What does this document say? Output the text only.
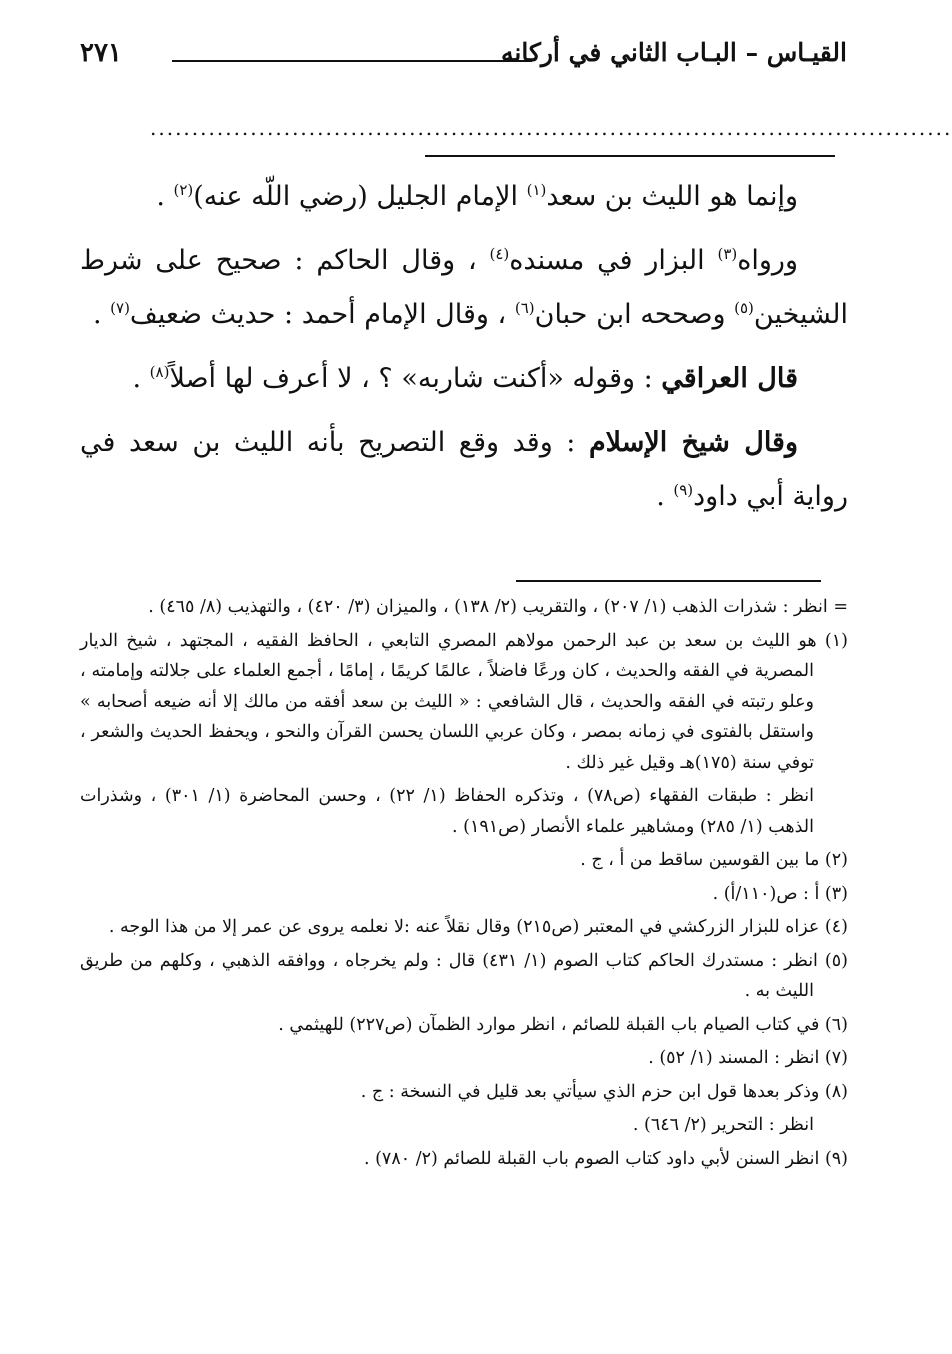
القيـاس – البـاب الثاني في أركانه
٢٧١
................................................................................................

وإنما هو الليث بن سعد$^{(١)}$ الإمام الجليل (رضي اللّه عنه)$^{(٢)}$ .

ورواه$^{(٣)}$ البزار في مسنده$^{(٤)}$ ، وقال الحاكم : صحيح على شرط الشيخين$^{(٥)}$ وصححه ابن حبان$^{(٦)}$ ، وقال الإمام أحمد : حديث ضعيف$^{(٧)}$ .

قال العراقي : وقوله «أكنت شاربه» ؟ ، لا أعرف لها أصلاً$^{(٨)}$ .

وقال شيخ الإسلام : وقد وقع التصريح بأنه الليث بن سعد في رواية أبي داود$^{(٩)}$ .

= انظر : شذرات الذهب (١/ ٢٠٧) ، والتقريب (٢/ ١٣٨) ، والميزان (٣/ ٤٢٠) ، والتهذيب (٨/ ٤٦٥) .

(١) هو الليث بن سعد بن عبد الرحمن مولاهم المصري التابعي ، الحافظ الفقيه ، المجتهد ، شيخ الديار المصرية في الفقه والحديث ، كان ورعًا فاضلاً ، عالمًا كريمًا ، إمامًا ، أجمع العلماء على جلالته وإمامته ، وعلو رتبته في الفقه والحديث ، قال الشافعي : « الليث بن سعد أفقه من مالك إلا أنه ضيعه أصحابه » واستقل بالفتوى في زمانه بمصر ، وكان عربي اللسان يحسن القرآن والنحو ، ويحفظ الحديث والشعر ، توفي سنة (١٧٥)هـ وقيل غير ذلك .

انظر : طبقات الفقهاء (ص٧٨) ، وتذكره الحفاظ (١/ ٢٢) ، وحسن المحاضرة (١/ ٣٠١) ، وشذرات الذهب (١/ ٢٨٥) ومشاهير علماء الأنصار (ص١٩١) .

(٢) ما بين القوسين ساقط من أ ، ج .

(٣) أ : ص(١١٠/أ) .

(٤) عزاه للبزار الزركشي في المعتبر (ص٢١٥) وقال نقلاً عنه :لا نعلمه يروى عن عمر إلا من هذا الوجه .

(٥) انظر : مستدرك الحاكم كتاب الصوم (١/ ٤٣١) قال : ولم يخرجاه ، ووافقه الذهبي ، وكلهم من طريق الليث به .

(٦) في كتاب الصيام باب القبلة للصائم ، انظر موارد الظمآن (ص٢٢٧) للهيثمي .

(٧) انظر : المسند (١/ ٥٢) .

(٨) وذكر بعدها قول ابن حزم الذي سيأتي بعد قليل في النسخة : ج .

انظر : التحرير (٢/ ٦٤٦) .

(٩) انظر السنن لأبي داود كتاب الصوم باب القبلة للصائم (٢/ ٧٨٠) .
